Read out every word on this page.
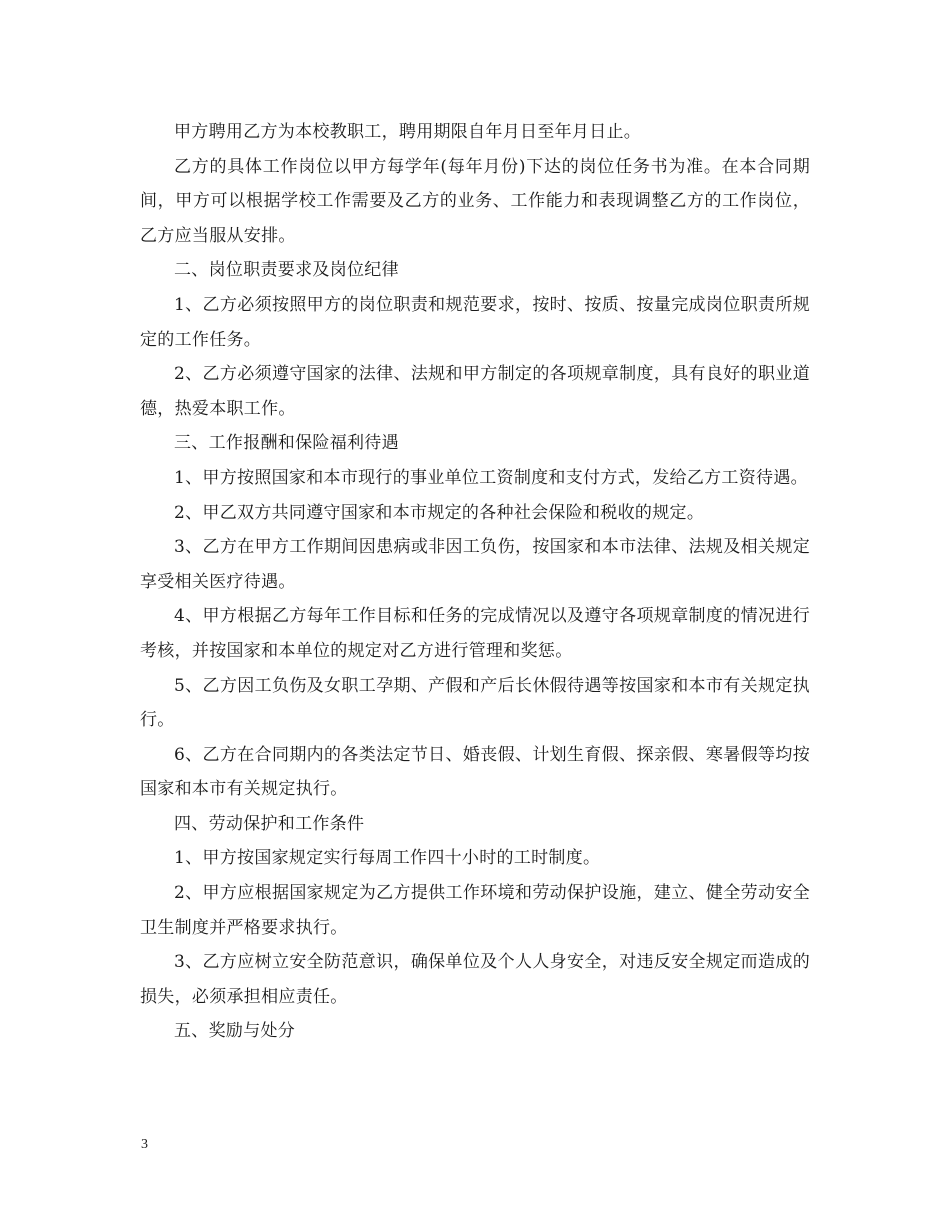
甲方聘用乙方为本校教职工，聘用期限自年月日至年月日止。

乙方的具体工作岗位以甲方每学年(每年月份)下达的岗位任务书为准。在本合同期间，甲方可以根据学校工作需要及乙方的业务、工作能力和表现调整乙方的工作岗位，乙方应当服从安排。

二、岗位职责要求及岗位纪律

1、乙方必须按照甲方的岗位职责和规范要求，按时、按质、按量完成岗位职责所规定的工作任务。

2、乙方必须遵守国家的法律、法规和甲方制定的各项规章制度，具有良好的职业道德，热爱本职工作。

三、工作报酬和保险福利待遇

1、甲方按照国家和本市现行的事业单位工资制度和支付方式，发给乙方工资待遇。

2、甲乙双方共同遵守国家和本市规定的各种社会保险和税收的规定。

3、乙方在甲方工作期间因患病或非因工负伤，按国家和本市法律、法规及相关规定享受相关医疗待遇。

4、甲方根据乙方每年工作目标和任务的完成情况以及遵守各项规章制度的情况进行考核，并按国家和本单位的规定对乙方进行管理和奖惩。

5、乙方因工负伤及女职工孕期、产假和产后长休假待遇等按国家和本市有关规定执行。

6、乙方在合同期内的各类法定节日、婚丧假、计划生育假、探亲假、寒暑假等均按国家和本市有关规定执行。

四、劳动保护和工作条件

1、甲方按国家规定实行每周工作四十小时的工时制度。

2、甲方应根据国家规定为乙方提供工作环境和劳动保护设施，建立、健全劳动安全卫生制度并严格要求执行。

3、乙方应树立安全防范意识，确保单位及个人人身安全，对违反安全规定而造成的损失，必须承担相应责任。

五、奖励与处分

3
